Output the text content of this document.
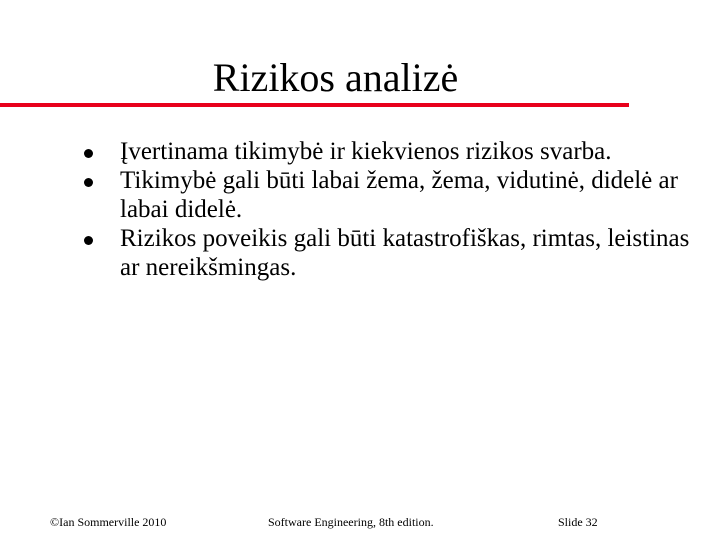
Rizikos analizė
Įvertinama tikimybė ir kiekvienos rizikos svarba.
Tikimybė gali būti labai žema, žema, vidutinė, didelė ar labai didelė.
Rizikos poveikis gali būti katastrofiškas, rimtas, leistinas ar nereikšmingas.
©Ian Sommerville 2010	Software Engineering, 8th edition.	Slide 32
